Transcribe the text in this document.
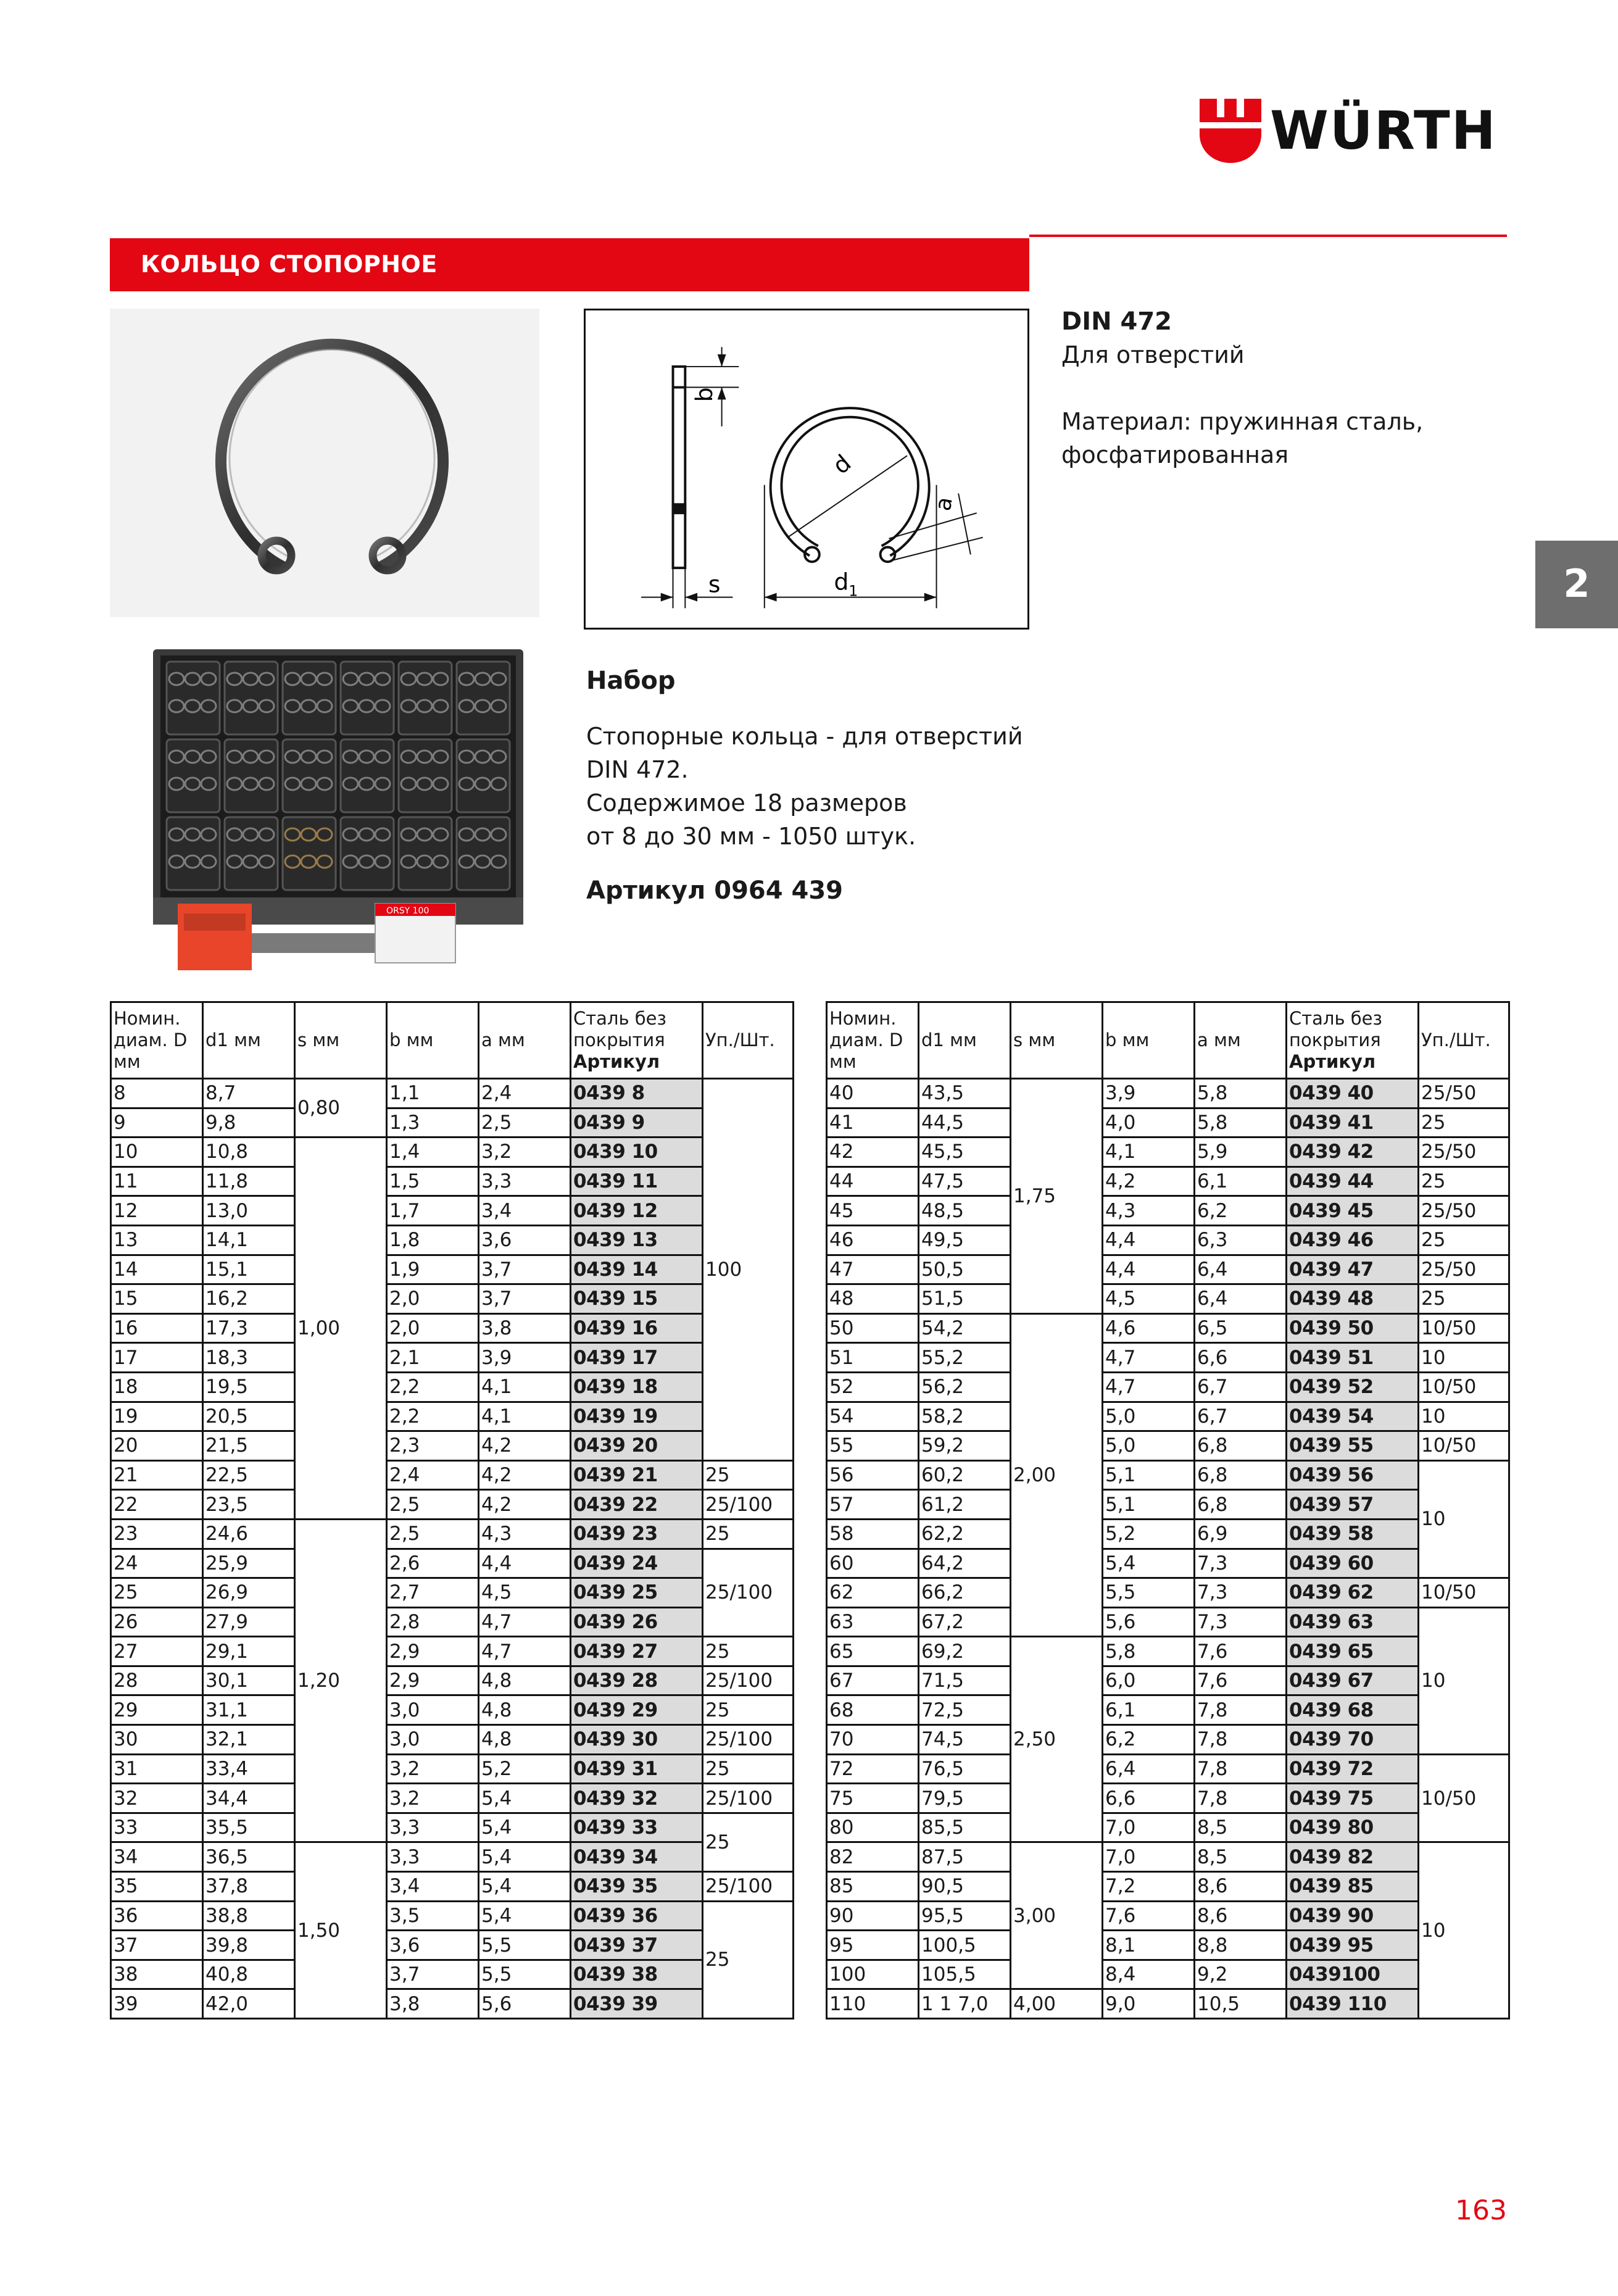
WÜRTH
КОЛЬЦО СТОПОРНОЕ
2
b
d
a
s	d 1
DIN 472
Для отверстий
Материал: пружинная сталь,
фосфатированная
ORSY 100
Набор
Стопорные кольца - для отверстий
DIN 472.
Содержимое 18 размеров
от 8 до 30 мм - 1050 штук.
Артикул 0964 439
Номин.
диам. D
мм	d1 мм	s мм	b мм	a мм	Сталь без
покрытия
Артикул	Уп./Шт.
8	8,7	0,80	1,1	2,4	0439 8	100
9	9,8		1,3	2,5	0439 9	
10	10,8	1,00	1,4	3,2	0439 10	
11	11,8		1,5	3,3	0439 11	
12	13,0		1,7	3,4	0439 12	
13	14,1		1,8	3,6	0439 13	
14	15,1		1,9	3,7	0439 14	
15	16,2		2,0	3,7	0439 15	
16	17,3		2,0	3,8	0439 16	
17	18,3		2,1	3,9	0439 17	
18	19,5		2,2	4,1	0439 18	
19	20,5		2,2	4,1	0439 19	
20	21,5		2,3	4,2	0439 20	
21	22,5		2,4	4,2	0439 21	25
22	23,5		2,5	4,2	0439 22	25/100
23	24,6	1,20	2,5	4,3	0439 23	25
24	25,9		2,6	4,4	0439 24	25/100
25	26,9		2,7	4,5	0439 25	
26	27,9		2,8	4,7	0439 26	
27	29,1		2,9	4,7	0439 27	25
28	30,1		2,9	4,8	0439 28	25/100
29	31,1		3,0	4,8	0439 29	25
30	32,1		3,0	4,8	0439 30	25/100
31	33,4		3,2	5,2	0439 31	25
32	34,4		3,2	5,4	0439 32	25/100
33	35,5		3,3	5,4	0439 33	25
34	36,5	1,50	3,3	5,4	0439 34	
35	37,8		3,4	5,4	0439 35	25/100
36	38,8		3,5	5,4	0439 36	25
37	39,8		3,6	5,5	0439 37	
38	40,8		3,7	5,5	0439 38	
39	42,0		3,8	5,6	0439 39	
Номин.
диам. D
мм	d1 мм	s мм	b мм	a мм	Сталь без
покрытия
Артикул	Уп./Шт.
40	43,5	1,75	3,9	5,8	0439 40	25/50
41	44,5		4,0	5,8	0439 41	25
42	45,5		4,1	5,9	0439 42	25/50
44	47,5		4,2	6,1	0439 44	25
45	48,5		4,3	6,2	0439 45	25/50
46	49,5		4,4	6,3	0439 46	25
47	50,5		4,4	6,4	0439 47	25/50
48	51,5		4,5	6,4	0439 48	25
50	54,2	2,00	4,6	6,5	0439 50	10/50
51	55,2		4,7	6,6	0439 51	10
52	56,2		4,7	6,7	0439 52	10/50
54	58,2		5,0	6,7	0439 54	10
55	59,2		5,0	6,8	0439 55	10/50
56	60,2		5,1	6,8	0439 56	10
57	61,2		5,1	6,8	0439 57	
58	62,2		5,2	6,9	0439 58	
60	64,2		5,4	7,3	0439 60	
62	66,2		5,5	7,3	0439 62	10/50
63	67,2		5,6	7,3	0439 63	10
65	69,2	2,50	5,8	7,6	0439 65	
67	71,5		6,0	7,6	0439 67	
68	72,5		6,1	7,8	0439 68	
70	74,5		6,2	7,8	0439 70	
72	76,5		6,4	7,8	0439 72	10/50
75	79,5		6,6	7,8	0439 75	
80	85,5		7,0	8,5	0439 80	
82	87,5	3,00	7,0	8,5	0439 82	10
85	90,5		7,2	8,6	0439 85	
90	95,5		7,6	8,6	0439 90	
95	100,5		8,1	8,8	0439 95	
100	105,5		8,4	9,2	0439100	
110	1 1 7,0	4,00	9,0	10,5	0439 110	
163
